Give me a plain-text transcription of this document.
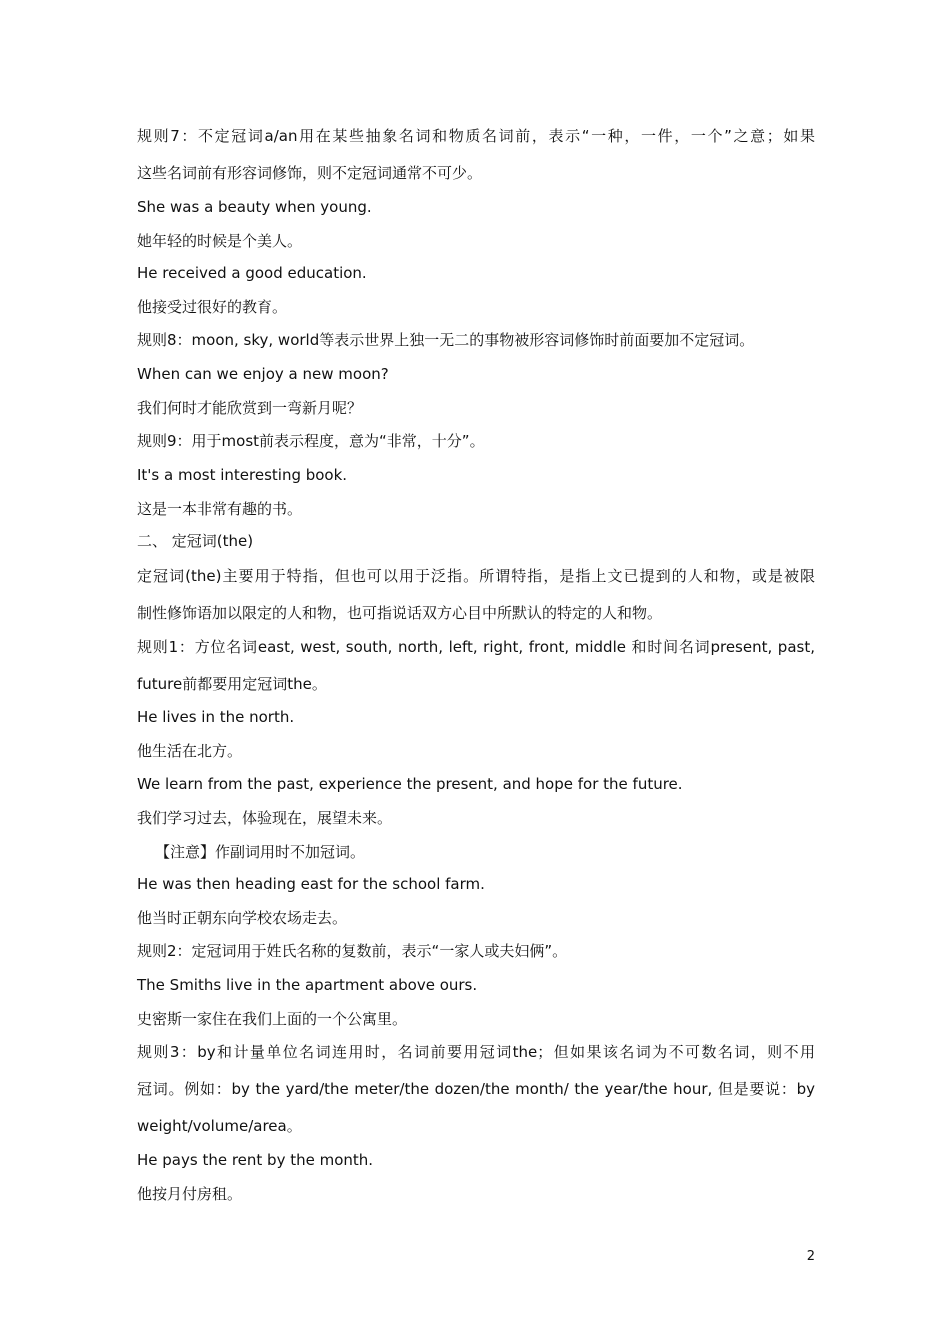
规则7：不定冠词a/an用在某些抽象名词和物质名词前，表示“一种，一件，一个”之意；如果
这些名词前有形容词修饰，则不定冠词通常不可少。
She was a beauty when young.
她年轻的时候是个美人。
He received a good education.
他接受过很好的教育。
规则8：moon, sky, world等表示世界上独一无二的事物被形容词修饰时前面要加不定冠词。
When can we enjoy a new moon?
我们何时才能欣赏到一弯新月呢？
规则9：用于most前表示程度，意为“非常，十分”。
It's a most interesting book.
这是一本非常有趣的书。
二、 定冠词(the)
定冠词(the)主要用于特指，但也可以用于泛指。所谓特指，是指上文已提到的人和物，或是被限
制性修饰语加以限定的人和物，也可指说话双方心目中所默认的特定的人和物。
规则1：方位名词east, west, south, north, left, right, front, middle 和时间名词present, past,
future前都要用定冠词the。
He lives in the north.
他生活在北方。
We learn from the past, experience the present, and hope for the future.
我们学习过去，体验现在，展望未来。
【注意】作副词用时不加冠词。
He was then heading east for the school farm.
他当时正朝东向学校农场走去。
规则2：定冠词用于姓氏名称的复数前，表示“一家人或夫妇俩”。
The Smiths live in the apartment above ours.
史密斯一家住在我们上面的一个公寓里。
规则3：by和计量单位名词连用时，名词前要用冠词the；但如果该名词为不可数名词，则不用
冠词。例如：by the yard/the meter/the dozen/the month/ the year/the hour, 但是要说：by
weight/volume/area。
He pays the rent by the month.
他按月付房租。
2
